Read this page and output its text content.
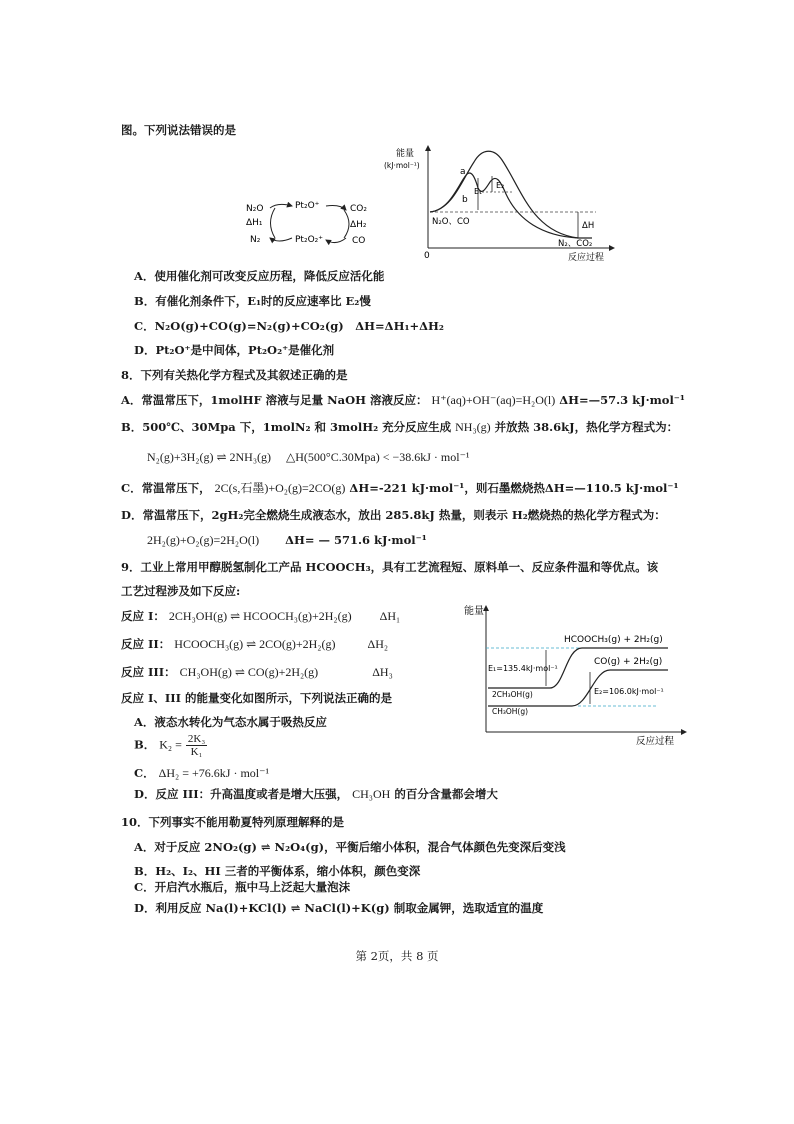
图。下列说法错误的是
N₂O
ΔH₁
N₂
Pt₂O⁺
Pt₂O₂⁺
CO₂
ΔH₂
CO
能量
(kJ·mol⁻¹)
0	反应过程
a
b
E₁
E₂
N₂O、CO	ΔH
N₂、CO₂
A．使用催化剂可改变反应历程，降低反应活化能
B．有催化剂条件下，E₁时的反应速率比 E₂慢
C．N₂O(g)+CO(g)=N₂(g)+CO₂(g)　ΔH=ΔH₁+ΔH₂
D．Pt₂O⁺是中间体，Pt₂O₂⁺是催化剂
8．下列有关热化学方程式及其叙述正确的是
A．常温常压下，1molHF 溶液与足量 NaOH 溶液反应： H⁺(aq)+OH⁻(aq)=H₂O(l) ΔH=—57.3 kJ·mol⁻¹
B．500℃、30Mpa 下，1molN₂ 和 3molH₂ 充分反应生成 NH₃(g) 并放热 38.6kJ，热化学方程式为：
N₂(g)+3H₂(g) ⇌ 2NH₃(g)　 △H(500°C.30Mpa) < −38.6kJ · mol⁻¹
C．常温常压下， 2C(s,石墨)+O₂(g)=2CO(g) ΔH=-221 kJ·mol⁻¹，则石墨燃烧热ΔH=—110.5 kJ·mol⁻¹
D．常温常压下，2gH₂完全燃烧生成液态水，放出 285.8kJ 热量，则表示 H₂燃烧热的热化学方程式为：
2H₂(g)+O₂(g)=2H₂O(l) ΔH= — 571.6 kJ·mol⁻¹
9．工业上常用甲醇脱氢制化工产品 HCOOCH₃，具有工艺流程短、原料单一、反应条件温和等优点。该
工艺过程涉及如下反应:
反应 I： 2CH₃OH(g) ⇌ HCOOCH₃(g)+2H₂(g) ΔH₁
反应 II： HCOOCH₃(g) ⇌ 2CO(g)+2H₂(g)	ΔH₂
反应 III： CH₃OH(g) ⇌ CO(g)+2H₂(g)	ΔH₃
反应 I、III 的能量变化如图所示，下列说法正确的是
A．液态水转化为气态水属于吸热反应
B． $K_2 = \frac{\text{2K₃}}{\text{K₁}}$
C． ΔH₂ = +76.6kJ · mol⁻¹
D．反应 III：升高温度或者是增大压强， CH₃OH 的百分含量都会增大
能量
反应过程
HCOOCH₃(g) + 2H₂(g)
CO(g) + 2H₂(g)
E₁=135.4kJ·mol⁻¹
E₂=106.0kJ·mol⁻¹
2CH₃OH(g)
CH₃OH(g)
10．下列事实不能用勒夏特列原理解释的是
A．对于反应 2NO₂(g) ⇌ N₂O₄(g)，平衡后缩小体积，混合气体颜色先变深后变浅
B．H₂、I₂、HI 三者的平衡体系，缩小体积，颜色变深
C．开启汽水瓶后，瓶中马上泛起大量泡沫
D．利用反应 Na(l)+KCl(l) ⇌ NaCl(l)+K(g) 制取金属钾，选取适宜的温度
第 2页，共 8 页
